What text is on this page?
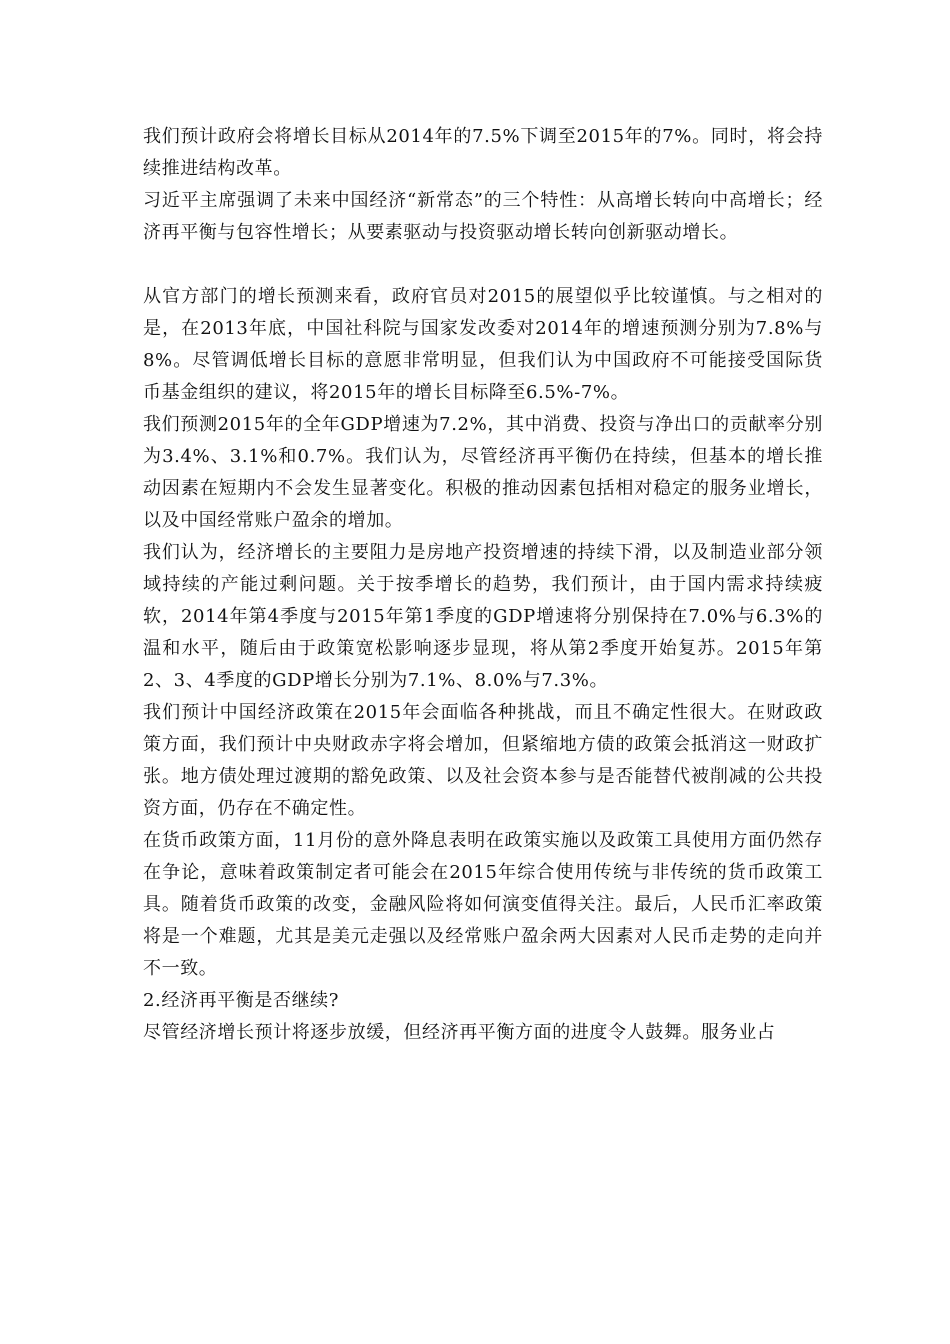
我们预计政府会将增长目标从2014年的7.5%下调至2015年的7%。同时，将会持续推进结构改革。

习近平主席强调了未来中国经济“新常态”的三个特性：从高增长转向中高增长；经济再平衡与包容性增长；从要素驱动与投资驱动增长转向创新驱动增长。

从官方部门的增长预测来看，政府官员对2015的展望似乎比较谨慎。与之相对的是，在2013年底，中国社科院与国家发改委对2014年的增速预测分别为7.8%与8%。尽管调低增长目标的意愿非常明显，但我们认为中国政府不可能接受国际货币基金组织的建议，将2015年的增长目标降至6.5%-7%。

我们预测2015年的全年GDP增速为7.2%，其中消费、投资与净出口的贡献率分别为3.4%、3.1%和0.7%。我们认为，尽管经济再平衡仍在持续，但基本的增长推动因素在短期内不会发生显著变化。积极的推动因素包括相对稳定的服务业增长，以及中国经常账户盈余的增加。

我们认为，经济增长的主要阻力是房地产投资增速的持续下滑，以及制造业部分领域持续的产能过剩问题。关于按季增长的趋势，我们预计，由于国内需求持续疲软，2014年第4季度与2015年第1季度的GDP增速将分别保持在7.0%与6.3%的温和水平，随后由于政策宽松影响逐步显现，将从第2季度开始复苏。2015年第2、3、4季度的GDP增长分别为7.1%、8.0%与7.3%。

我们预计中国经济政策在2015年会面临各种挑战，而且不确定性很大。在财政政策方面，我们预计中央财政赤字将会增加，但紧缩地方债的政策会抵消这一财政扩张。地方债处理过渡期的豁免政策、以及社会资本参与是否能替代被削减的公共投资方面，仍存在不确定性。

在货币政策方面，11月份的意外降息表明在政策实施以及政策工具使用方面仍然存在争论，意味着政策制定者可能会在2015年综合使用传统与非传统的货币政策工具。随着货币政策的改变，金融风险将如何演变值得关注。最后，人民币汇率政策将是一个难题，尤其是美元走强以及经常账户盈余两大因素对人民币走势的走向并不一致。

2.经济再平衡是否继续?

尽管经济增长预计将逐步放缓，但经济再平衡方面的进度令人鼓舞。服务业占
